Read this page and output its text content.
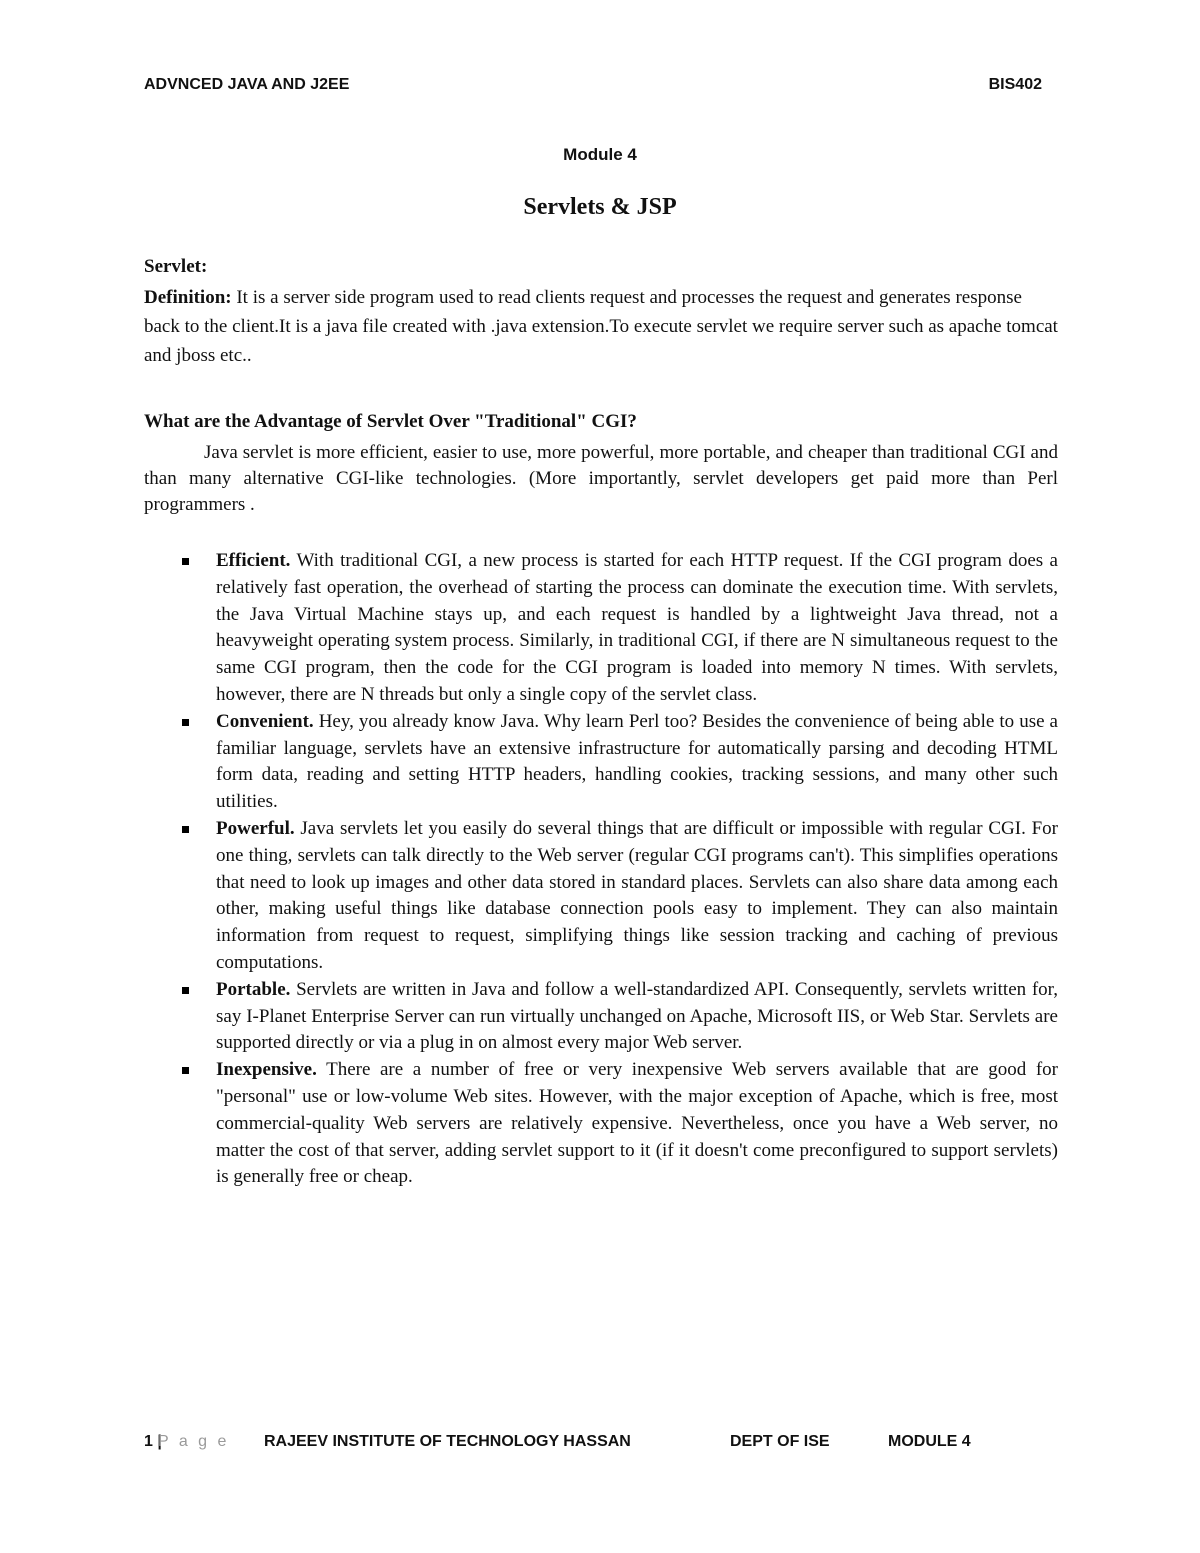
ADVNCED JAVA AND J2EE	BIS402
Module 4
Servlets & JSP
Servlet:
Definition: It is a server side program used to read clients request and processes the request and generates response back to the client.It is a java file created with .java extension.To execute servlet we require server such as apache tomcat and jboss etc..
What are the Advantage of Servlet Over "Traditional" CGI?
Java servlet is more efficient, easier to use, more powerful, more portable, and cheaper than traditional CGI and than many alternative CGI-like technologies. (More importantly, servlet developers get paid more than Perl programmers .
Efficient. With traditional CGI, a new process is started for each HTTP request. If the CGI program does a relatively fast operation, the overhead of starting the process can dominate the execution time. With servlets, the Java Virtual Machine stays up, and each request is handled by a lightweight Java thread, not a heavyweight operating system process. Similarly, in traditional CGI, if there are N simultaneous request to the same CGI program, then the code for the CGI program is loaded into memory N times. With servlets, however, there are N threads but only a single copy of the servlet class.
Convenient. Hey, you already know Java. Why learn Perl too? Besides the convenience of being able to use a familiar language, servlets have an extensive infrastructure for automatically parsing and decoding HTML form data, reading and setting HTTP headers, handling cookies, tracking sessions, and many other such utilities.
Powerful. Java servlets let you easily do several things that are difficult or impossible with regular CGI. For one thing, servlets can talk directly to the Web server (regular CGI programs can't). This simplifies operations that need to look up images and other data stored in standard places. Servlets can also share data among each other, making useful things like database connection pools easy to implement. They can also maintain information from request to request, simplifying things like session tracking and caching of previous computations.
Portable. Servlets are written in Java and follow a well-standardized API. Consequently, servlets written for, say I-Planet Enterprise Server can run virtually unchanged on Apache, Microsoft IIS, or Web Star. Servlets are supported directly or via a plug in on almost every major Web server.
Inexpensive. There are a number of free or very inexpensive Web servers available that are good for "personal" use or low-volume Web sites. However, with the major exception of Apache, which is free, most commercial-quality Web servers are relatively expensive. Nevertheless, once you have a Web server, no matter the cost of that server, adding servlet support to it (if it doesn't come preconfigured to support servlets) is generally free or cheap.
1 |
P a g e RAJEEV INSTITUTE OF TECHNOLOGY HASSAN	DEPT OF ISE	MODULE 4
